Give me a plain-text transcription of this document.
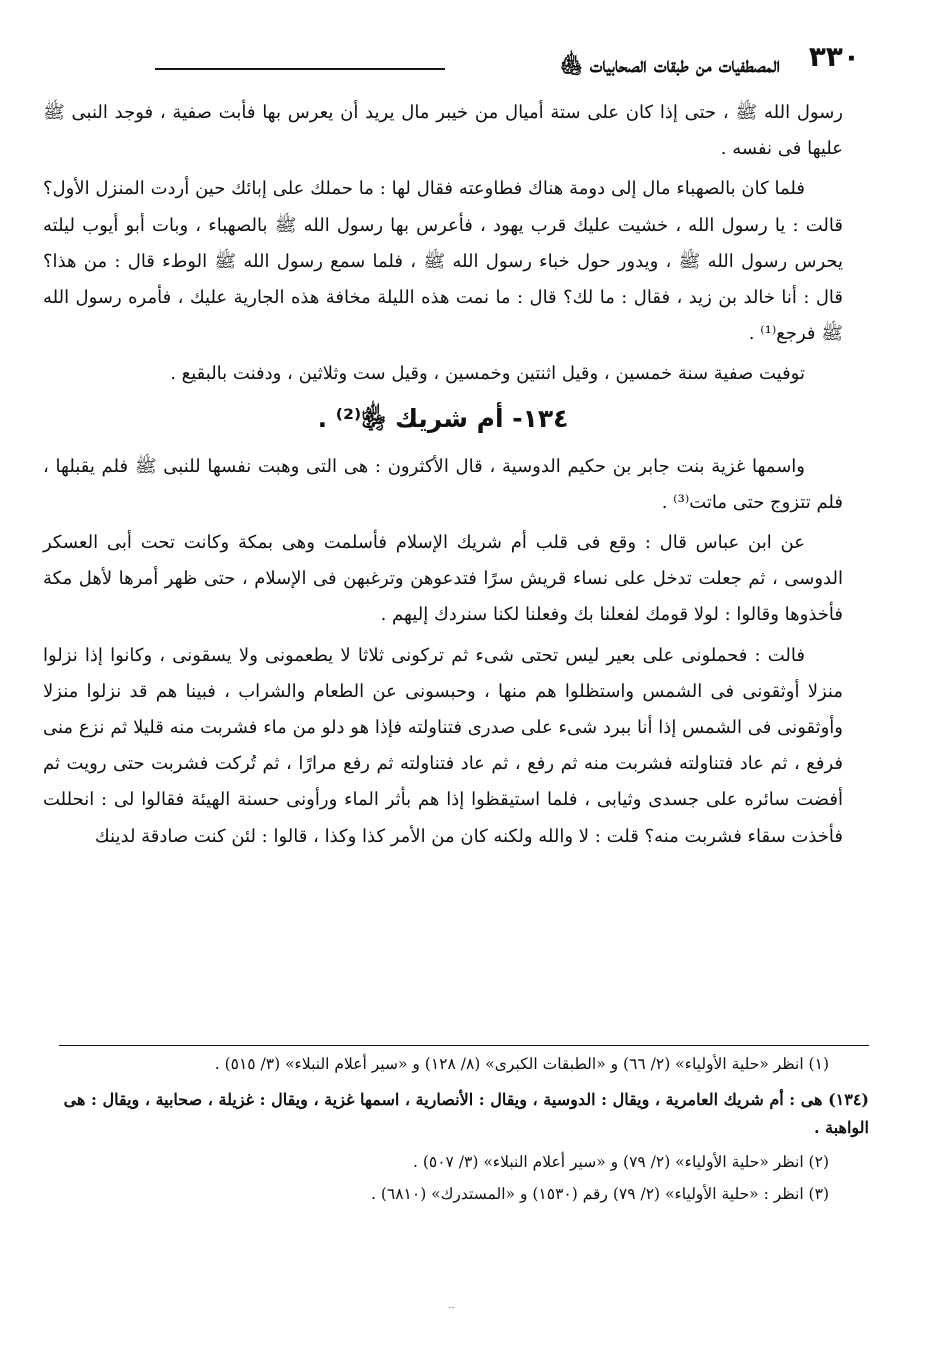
٣٣٠
المصطفيات من طبقات الصحابيات ﵅

رسول الله ﷺ ، حتى إذا كان على ستة أميال من خيبر مال يريد أن يعرس بها فأبت صفية ، فوجد النبى ﷺ عليها فى نفسه .

فلما كان بالصهباء مال إلى دومة هناك فطاوعته فقال لها : ما حملك على إبائك حين أردت المنزل الأول؟ قالت : يا رسول الله ، خشيت عليك قرب يهود ، فأعرس بها رسول الله ﷺ بالصهباء ، وبات أبو أيوب ليلته يحرس رسول الله ﷺ ، ويدور حول خباء رسول الله ﷺ ، فلما سمع رسول الله ﷺ الوطء قال : من هذا؟ قال : أنا خالد بن زيد ، فقال : ما لك؟ قال : ما نمت هذه الليلة مخافة هذه الجارية عليك ، فأمره رسول الله ﷺ فرجع⁽¹⁾ .

توفيت صفية سنة خمسين ، وقيل اثنتين وخمسين ، وقيل ست وثلاثين ، ودفنت بالبقيع .

١٣٤- أم شريك ﵂⁽²⁾ .

واسمها غزية بنت جابر بن حكيم الدوسية ، قال الأكثرون : هى التى وهبت نفسها للنبى ﷺ فلم يقبلها ، فلم تتزوج حتى ماتت⁽³⁾ .

عن ابن عباس قال : وقع فى قلب أم شريك الإسلام فأسلمت وهى بمكة وكانت تحت أبى العسكر الدوسى ، ثم جعلت تدخل على نساء قريش سرًا فتدعوهن وترغبهن فى الإسلام ، حتى ظهر أمرها لأهل مكة فأخذوها وقالوا : لولا قومك لفعلنا بك وفعلنا لكنا سنردك إليهم .

فالت : فحملونى على بعير ليس تحتى شىء ثم تركونى ثلاثا لا يطعمونى ولا يسقونى ، وكانوا إذا نزلوا منزلا أوثقونى فى الشمس واستظلوا هم منها ، وحبسونى عن الطعام والشراب ، فبينا هم قد نزلوا منزلا وأوثقونى فى الشمس إذا أنا ببرد شىء على صدرى فتناولته فإذا هو دلو من ماء فشربت منه قليلا ثم نزع منى فرفع ، ثم عاد فتناولته فشربت منه ثم رفع ، ثم عاد فتناولته ثم رفع مرارًا ، ثم تُركت فشربت حتى رويت ثم أفضت سائره على جسدى وثيابى ، فلما استيقظوا إذا هم بأثر الماء ورأونى حسنة الهيئة فقالوا لى : انحللت فأخذت سقاء فشربت منه؟ قلت : لا والله ولكنه كان من الأمر كذا وكذا ، قالوا : لئن كنت صادقة لدينك

(١) انظر «حلية الأولياء» (٢/ ٦٦) و «الطبقات الكبرى» (٨/ ١٢٨) و «سير أعلام النبلاء» (٣/ ٥١٥) .

(١٣٤) هى : أم شريك العامرية ، ويقال : الدوسية ، ويقال : الأنصارية ، اسمها غزية ، ويقال : غزيلة ، صحابية ، ويقال : هى الواهبة .

(٢) انظر «حلية الأولياء» (٢/ ٧٩) و «سير أعلام النبلاء» (٣/ ٥٠٧) .

(٣) انظر : «حلية الأولياء» (٢/ ٧٩) رقم (١٥٣٠) و «المستدرك» (٦٨١٠) .

‥
